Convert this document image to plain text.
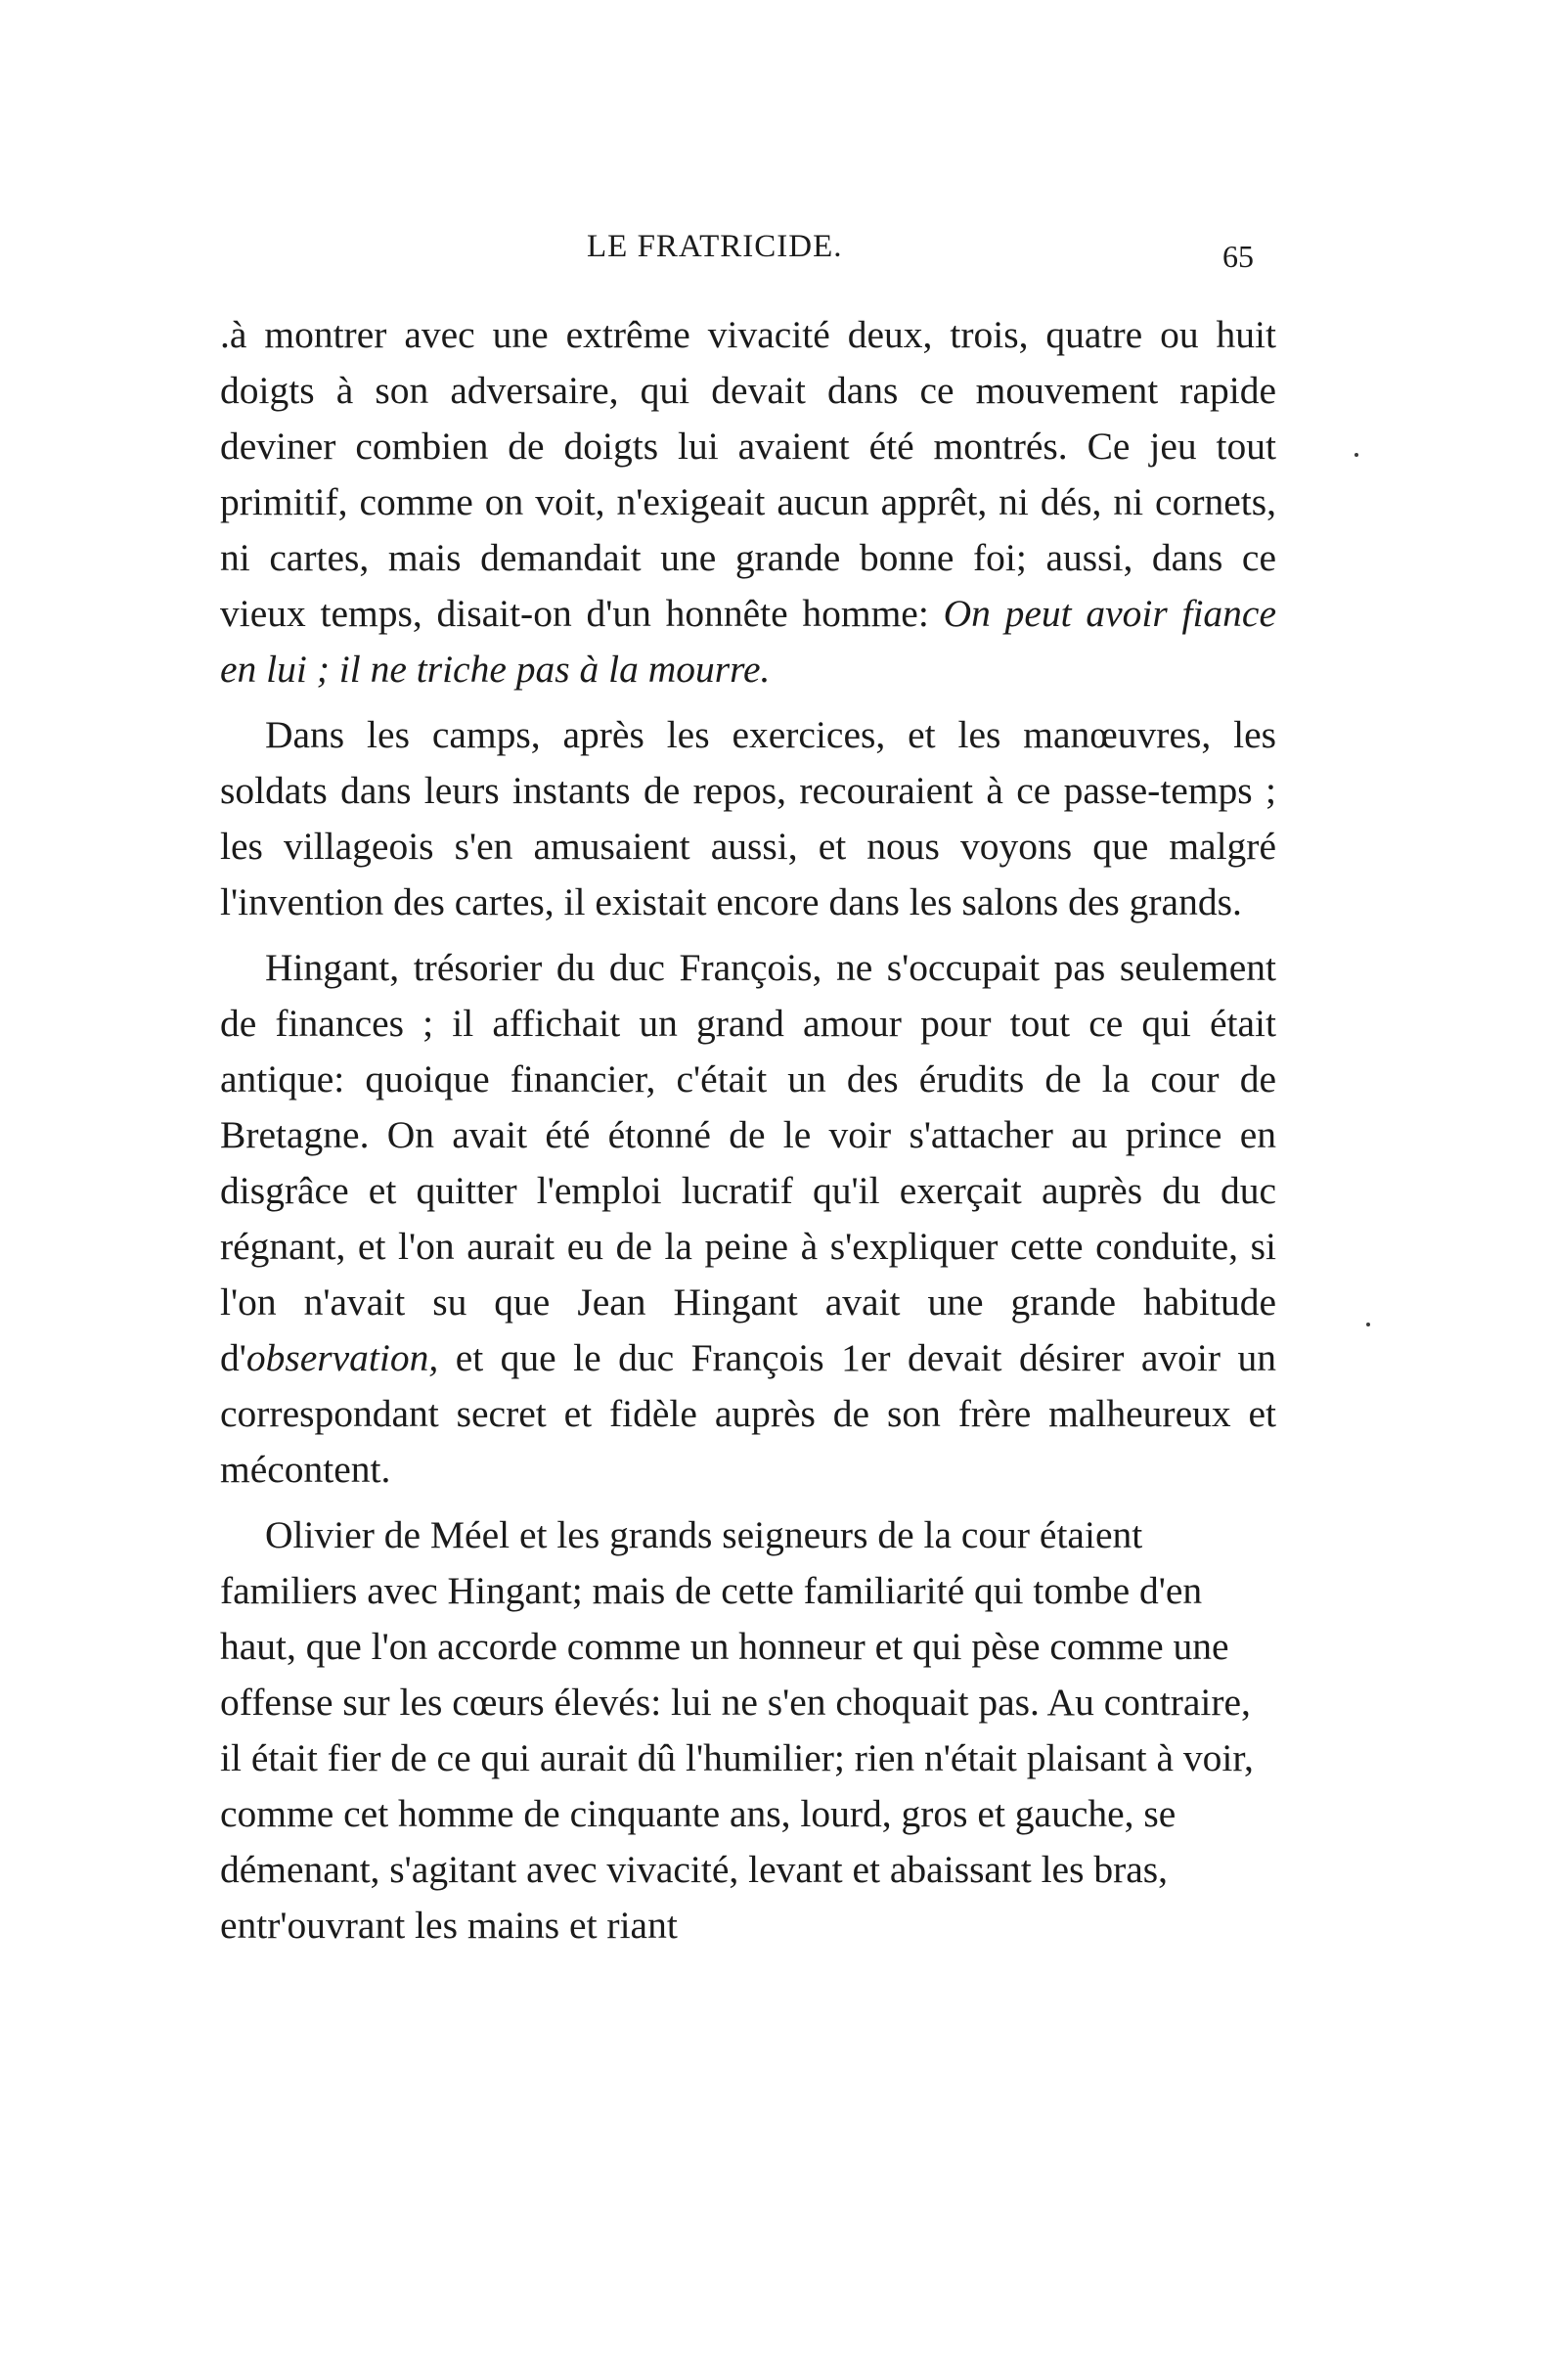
LE FRATRICIDE.	65

.à montrer avec une extrême vivacité deux, trois, quatre ou huit doigts à son adversaire, qui devait dans ce mouvement rapide deviner combien de doigts lui avaient été montrés. Ce jeu tout primitif, comme on voit, n'exigeait aucun apprêt, ni dés, ni cornets, ni cartes, mais demandait une grande bonne foi; aussi, dans ce vieux temps, disait-on d'un honnête homme: On peut avoir fiance en lui ; il ne triche pas à la mourre.

Dans les camps, après les exercices, et les manœuvres, les soldats dans leurs instants de repos, recouraient à ce passe-temps ; les villageois s'en amusaient aussi, et nous voyons que malgré l'invention des cartes, il existait encore dans les salons des grands.

Hingant, trésorier du duc François, ne s'occupait pas seulement de finances ; il affichait un grand amour pour tout ce qui était antique: quoique financier, c'était un des érudits de la cour de Bretagne. On avait été étonné de le voir s'attacher au prince en disgrâce et quitter l'emploi lucratif qu'il exerçait auprès du duc régnant, et l'on aurait eu de la peine à s'expliquer cette conduite, si l'on n'avait su que Jean Hingant avait une grande habitude d'observation, et que le duc François 1er devait désirer avoir un correspondant secret et fidèle auprès de son frère malheureux et mécontent.

Olivier de Méel et les grands seigneurs de la cour étaient familiers avec Hingant; mais de cette familiarité qui tombe d'en haut, que l'on accorde comme un honneur et qui pèse comme une offense sur les cœurs élevés: lui ne s'en choquait pas. Au contraire, il était fier de ce qui aurait dû l'humilier; rien n'était plaisant à voir, comme cet homme de cinquante ans, lourd, gros et gauche, se démenant, s'agitant avec vivacité, levant et abaissant les bras, entr'ouvrant les mains et riant
